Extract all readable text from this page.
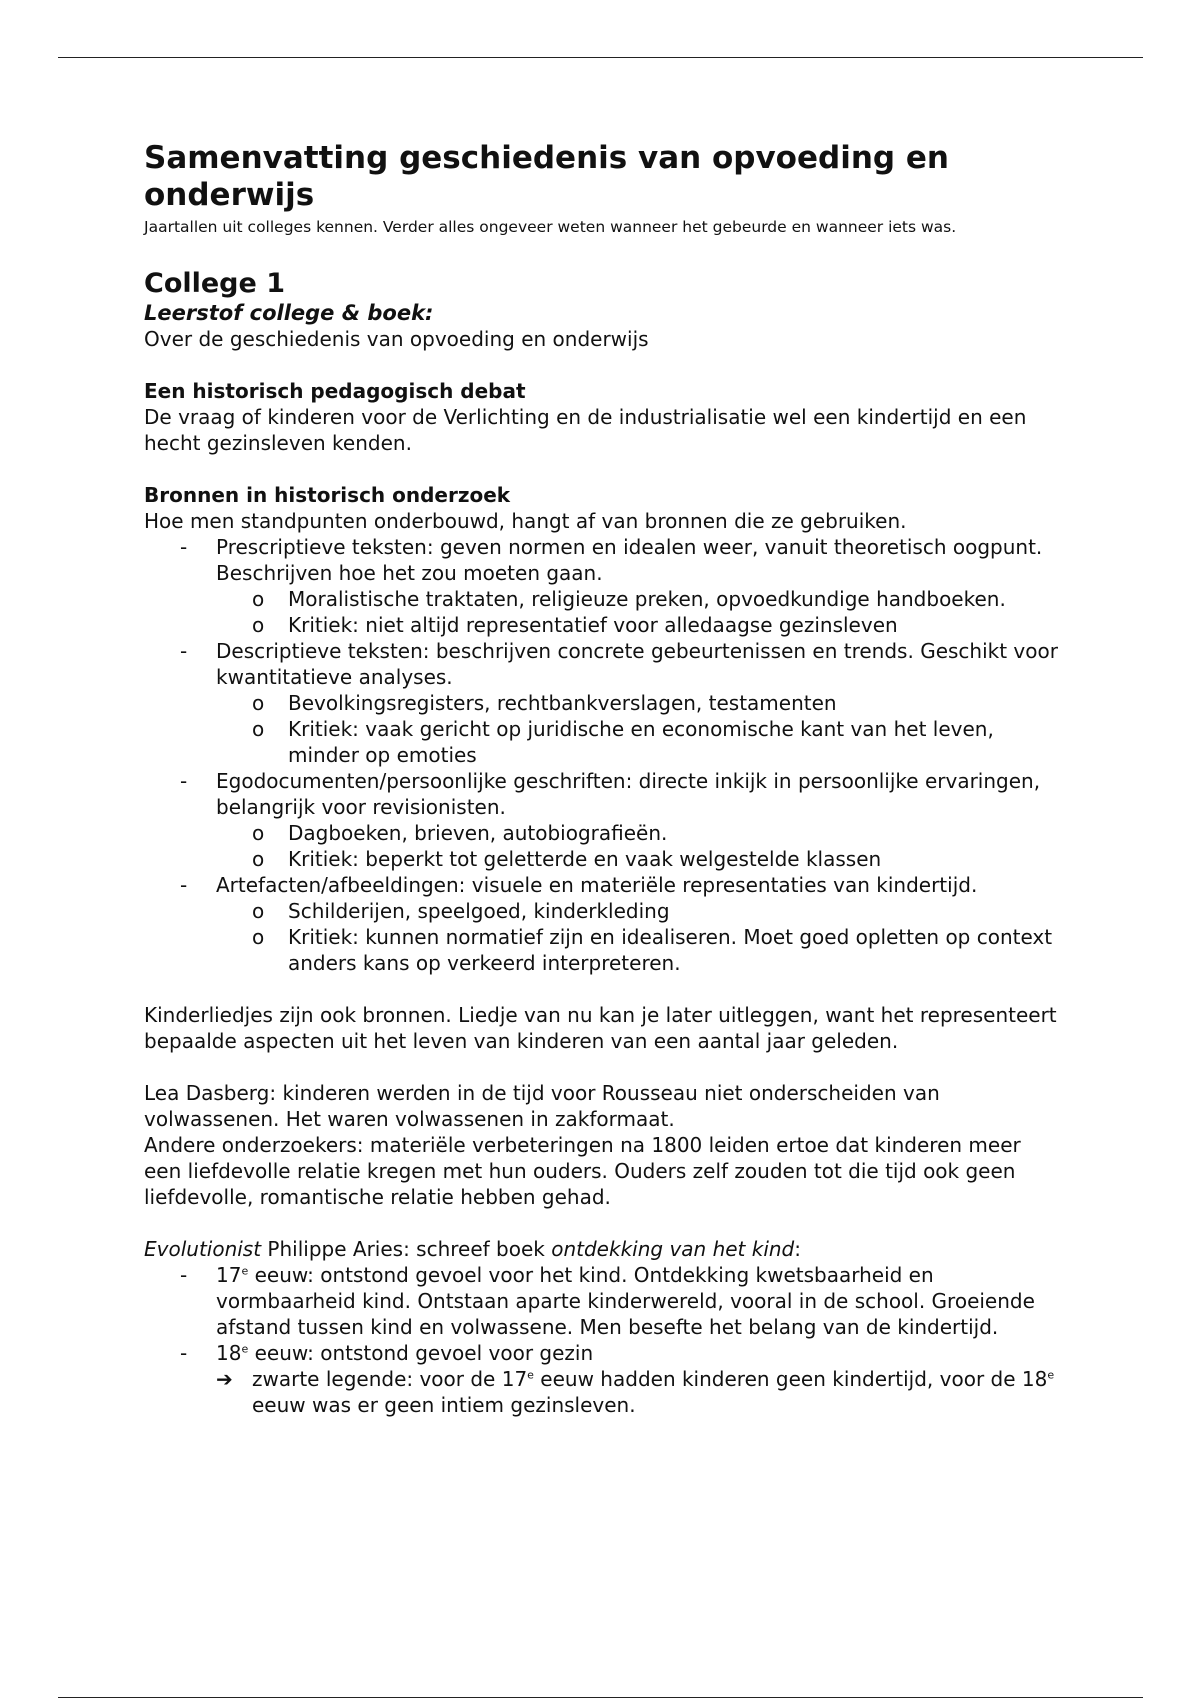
Samenvatting geschiedenis van opvoeding en onderwijs

Jaartallen uit colleges kennen. Verder alles ongeveer weten wanneer het gebeurde en wanneer iets was.

College 1
Leerstof college & boek:

Over de geschiedenis van opvoeding en onderwijs

Een historisch pedagogisch debat

De vraag of kinderen voor de Verlichting en de industrialisatie wel een kindertijd en een hecht gezinsleven kenden.

Bronnen in historisch onderzoek

Hoe men standpunten onderbouwd, hangt af van bronnen die ze gebruiken.

- Prescriptieve teksten: geven normen en idealen weer, vanuit theoretisch oogpunt. Beschrijven hoe het zou moeten gaan.
o Moralistische traktaten, religieuze preken, opvoedkundige handboeken.
o Kritiek: niet altijd representatief voor alledaagse gezinsleven
- Descriptieve teksten: beschrijven concrete gebeurtenissen en trends. Geschikt voor kwantitatieve analyses.
o Bevolkingsregisters, rechtbankverslagen, testamenten
o Kritiek: vaak gericht op juridische en economische kant van het leven, minder op emoties
- Egodocumenten/persoonlijke geschriften: directe inkijk in persoonlijke ervaringen, belangrijk voor revisionisten.
o Dagboeken, brieven, autobiografieën.
o Kritiek: beperkt tot geletterde en vaak welgestelde klassen
- Artefacten/afbeeldingen: visuele en materiële representaties van kindertijd.
o Schilderijen, speelgoed, kinderkleding
o Kritiek: kunnen normatief zijn en idealiseren. Moet goed opletten op context anders kans op verkeerd interpreteren.

Kinderliedjes zijn ook bronnen. Liedje van nu kan je later uitleggen, want het representeert bepaalde aspecten uit het leven van kinderen van een aantal jaar geleden.

Lea Dasberg: kinderen werden in de tijd voor Rousseau niet onderscheiden van volwassenen. Het waren volwassenen in zakformaat.

Andere onderzoekers: materiële verbeteringen na 1800 leiden ertoe dat kinderen meer een liefdevolle relatie kregen met hun ouders. Ouders zelf zouden tot die tijd ook geen liefdevolle, romantische relatie hebben gehad.

Evolutionist Philippe Aries: schreef boek ontdekking van het kind:

- 17e eeuw: ontstond gevoel voor het kind. Ontdekking kwetsbaarheid en vormbaarheid kind. Ontstaan aparte kinderwereld, vooral in de school. Groeiende afstand tussen kind en volwassene. Men besefte het belang van de kindertijd.
- 18e eeuw: ontstond gevoel voor gezin
➔ zwarte legende: voor de 17e eeuw hadden kinderen geen kindertijd, voor de 18e eeuw was er geen intiem gezinsleven.
